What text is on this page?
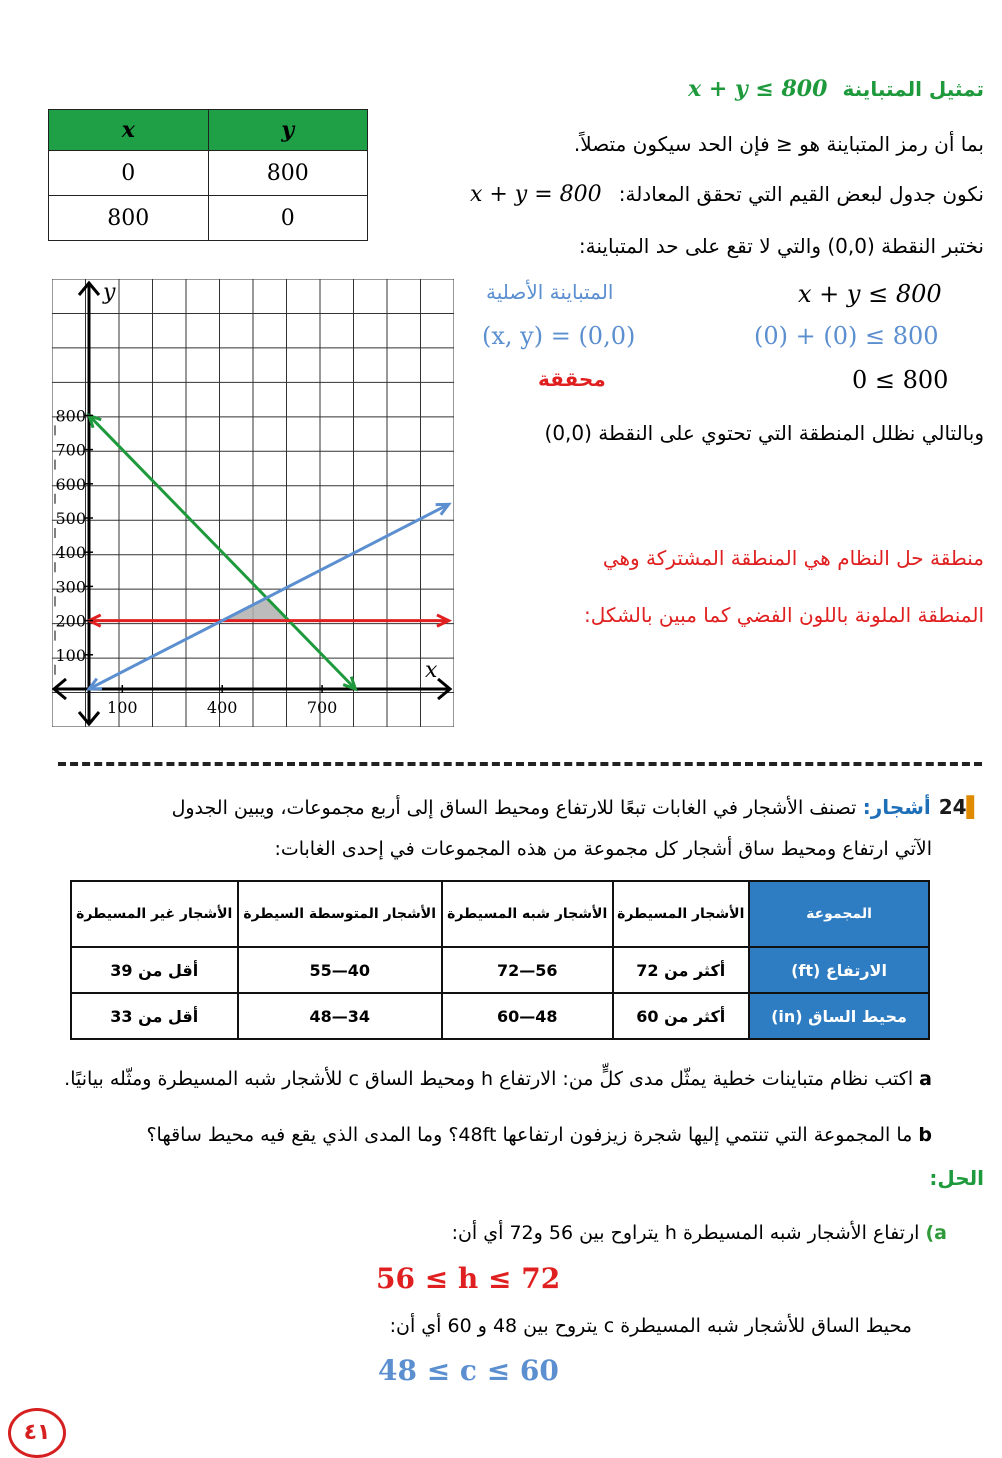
تمثيل المتباينة x + y ≤ 800
بما أن رمز المتباينة هو ≤ فإن الحد سيكون متصلاً.
نكون جدول لبعض القيم التي تحقق المعادلة: x + y = 800
نختبر النقطة (0,0) والتي لا تقع على حد المتباينة:
المتباينة الأصلية
(x, y) = (0,0)
محققة
x + y ≤ 800
(0) + (0) ≤ 800
0 ≤ 800
وبالتالي نظلل المنطقة التي تحتوي على النقطة (0,0)
منطقة حل النظام هي المنطقة المشتركة وهي
المنطقة الملونة باللون الفضي كما مبين بالشكل:
x	y
0	800
800	0
800
700
600
500
400
300
200
100
100	400	700
x
y
▌24أشجار: تصنف الأشجار في الغابات تبعًا للارتفاع ومحيط الساق إلى أربع مجموعات، ويبين الجدول
الآتي ارتفاع ومحيط ساق أشجار كل مجموعة من هذه المجموعات في إحدى الغابات:
المجموعة	الأشجار المسيطرة	الأشجار شبه المسيطرة	الأشجار المتوسطة السيطرة	الأشجار غير المسيطرة
الارتفاع (ft)	أكثر من 72	56—72	40—55	أقل من 39
محيط الساق (in)	أكثر من 60	48—60	34—48	أقل من 33
a اكتب نظام متباينات خطية يمثّل مدى كلٍّ من: الارتفاع h ومحيط الساق c للأشجار شبه المسيطرة ومثّله بيانيًا.
b ما المجموعة التي تنتمي إليها شجرة زيزفون ارتفاعها 48ft؟ وما المدى الذي يقع فيه محيط ساقها؟
الحل:
a) ارتفاع الأشجار شبه المسيطرة h يتراوح بين 56 و72 أي أن:
56 ≤ h ≤ 72
محيط الساق للأشجار شبه المسيطرة c يتروح بين 48 و 60 أي أن:
48 ≤ c ≤ 60
٤١
